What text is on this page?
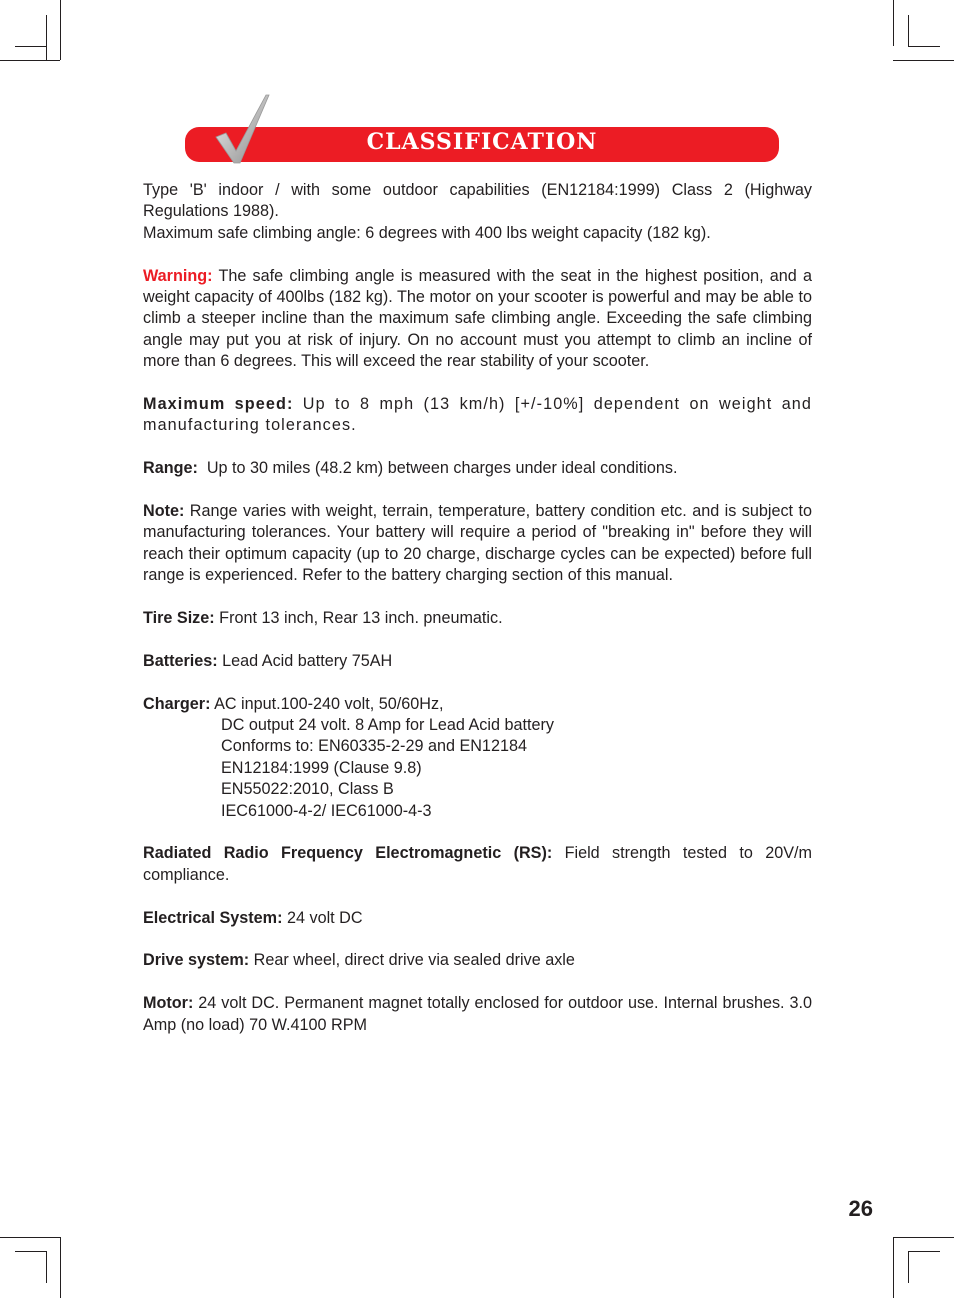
CLASSIFICATION

Type 'B' indoor / with some outdoor capabilities (EN12184:1999) Class 2 (Highway Regulations 1988).
Maximum safe climbing angle: 6 degrees with 400 lbs weight capacity (182 kg).

Warning: The safe climbing angle is measured with the seat in the highest position, and a weight capacity of 400lbs (182 kg). The motor on your scooter is powerful and may be able to climb a steeper incline than the maximum safe climbing angle. Exceeding the safe climbing angle may put you at risk of injury. On no account must you attempt to climb an incline of more than 6 degrees. This will exceed the rear stability of your scooter.

Maximum speed: Up to 8 mph (13 km/h) [+/-10%] dependent on weight and manufacturing tolerances.

Range:  Up to 30 miles (48.2 km) between charges under ideal conditions.

Note: Range varies with weight, terrain, temperature, battery condition etc. and is subject to manufacturing tolerances. Your battery will require a period of "breaking in" before they will reach their optimum capacity (up to 20 charge, discharge cycles can be expected) before full range is experienced. Refer to the battery charging section of this manual.

Tire Size: Front 13 inch, Rear 13 inch. pneumatic.

Batteries: Lead Acid battery 75AH

Charger: AC input.100-240 volt, 50/60Hz,
DC output 24 volt. 8 Amp for Lead Acid battery
Conforms to: EN60335-2-29 and EN12184
EN12184:1999 (Clause 9.8)
EN55022:2010, Class B
IEC61000-4-2/ IEC61000-4-3

Radiated Radio Frequency Electromagnetic (RS): Field strength tested to 20V/m compliance.

Electrical System: 24 volt DC

Drive system: Rear wheel, direct drive via sealed drive axle

Motor: 24 volt DC. Permanent magnet totally enclosed for outdoor use. Internal brushes. 3.0 Amp (no load) 70 W.4100 RPM

26
